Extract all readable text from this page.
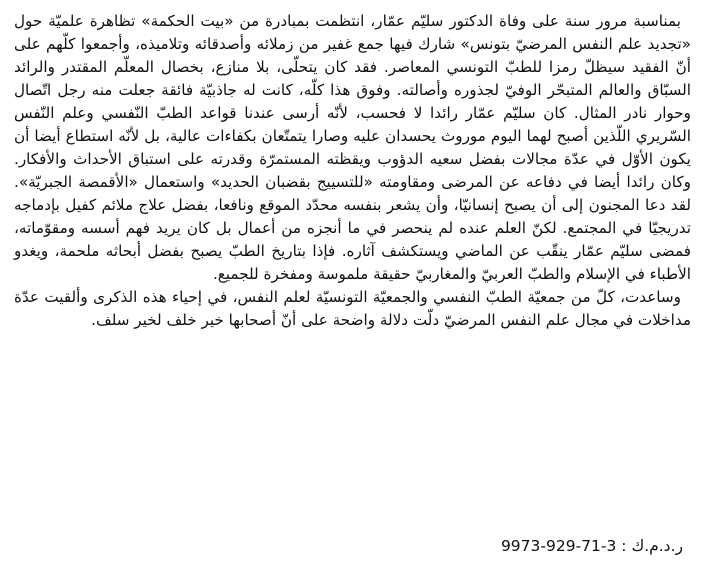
بمناسبة مرور سنة على وفاة الدكتور سليّم عمّار، انتظمت بمبادرة من «بيت الحكمة» تظاهرة علميّة حول «تجديد علم النفس المرضيّ بتونس» شارك فيها جمع غفير من زملائه وأصدقائه وتلاميذه، وأجمعوا كلّهم على أنّ الفقيد سيظلّ رمزا للطبّ التونسي المعاصر. فقد كان يتحلّى، بلا منازع، بخصال المعلّم المقتدر والرائد السبّاق والعالم المتبحّر الوفيّ لجذوره وأصالته. وفوق هذا كلّه، كانت له جاذبيّة فائقة جعلت منه رجل اتّصال وحوار نادر المثال. كان سليّم عمّار رائدا لا فحسب، لأنّه أرسى عندنا قواعد الطبّ النّفسي وعلم النّفس السّريري اللّذين أصبح لهما اليوم موروث يحسدان عليه وصارا يتمتّعان بكفاءات عالية، بل لأنّه استطاع أيضا أن يكون الأوّل في عدّة مجالات بفضل سعيه الدؤوب ويقظته المستمرّة وقدرته على استباق الأحداث والأفكار. وكان رائدا أيضا في دفاعه عن المرضى ومقاومته «للتسييج بقضبان الحديد» واستعمال «الأقمصة الجبريّة». لقد دعا المجنون إلى أن يصبح إنسانيّا، وأن يشعر بنفسه محدّد الموقع ونافعا، بفضل علاج ملائم كفيل بإدماجه تدريجيّا في المجتمع. لكنّ العلم عنده لم ينحصر في ما أنجزه من أعمال بل كان يريد فهم أسسه ومقوّماته، فمضى سليّم عمّار ينقّب عن الماضي ويستكشف آثاره. فإذا بتاريخ الطبّ يصبح بفضل أبحاثه ملحمة، ويغدو الأطباء في الإسلام والطبّ العربيّ والمغاربيّ حقيقة ملموسة ومفخرة للجميع.

وساعدت، كلّ من جمعيّة الطبّ النفسي والجمعيّة التونسيّة لعلم النفس، في إحياء هذه الذكرى وألقيت عدّة مداخلات في مجال علم النفس المرضيّ دلّت دلالة واضحة على أنّ أصحابها خير خلف لخير سلف.

ر.د.م.ك : 3-71-929-9973
